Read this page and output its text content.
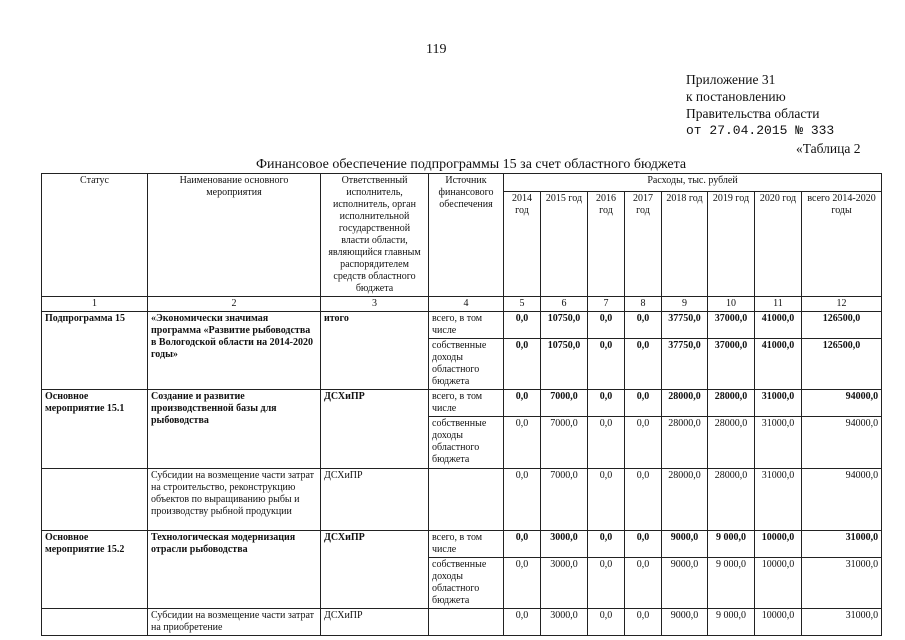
119
Приложение 31
к постановлению
Правительства области
от 27.04.2015 № 333
«Таблица 2
Финансовое обеспечение подпрограммы 15 за счет областного бюджета
Статус	Наименование основного мероприятия	Ответственный исполнитель, исполнитель, орган исполнительной государственной власти области, являющийся главным распорядителем средств областного бюджета	Источник финансового обеспечения	Расходы, тыс. рублей							
				2014 год	2015 год	2016 год	2017 год	2018 год	2019 год	2020 год	всего 2014-2020 годы
1	2	3	4	5	6	7	8	9	10	11	12
Подпрограмма 15	«Экономически значимая программа «Развитие рыбоводства в Вологодской области на 2014-2020 годы»	итого	всего, в том числе	0,0	10750,0	0,0	0,0	37750,0	37000,0	41000,0	126500,0
			собственные доходы областного бюджета	0,0	10750,0	0,0	0,0	37750,0	37000,0	41000,0	126500,0
Основное мероприятие 15.1	Создание и развитие производственной базы для рыбоводства	ДСХиПР	всего, в том числе	0,0	7000,0	0,0	0,0	28000,0	28000,0	31000,0	94000,0
			собственные доходы областного бюджета	0,0	7000,0	0,0	0,0	28000,0	28000,0	31000,0	94000,0
	Субсидии на возмещение части затрат на строительство, реконструкцию объектов по выращиванию рыбы и производству рыбной продукции	ДСХиПР		0,0	7000,0	0,0	0,0	28000,0	28000,0	31000,0	94000,0
Основное мероприятие 15.2	Технологическая модернизация отрасли рыбоводства	ДСХиПР	всего, в том числе	0,0	3000,0	0,0	0,0	9000,0	9 000,0	10000,0	31000,0
			собственные доходы областного бюджета	0,0	3000,0	0,0	0,0	9000,0	9 000,0	10000,0	31000,0
	Субсидии на возмещение части затрат на приобретение	ДСХиПР		0,0	3000,0	0,0	0,0	9000,0	9 000,0	10000,0	31000,0
